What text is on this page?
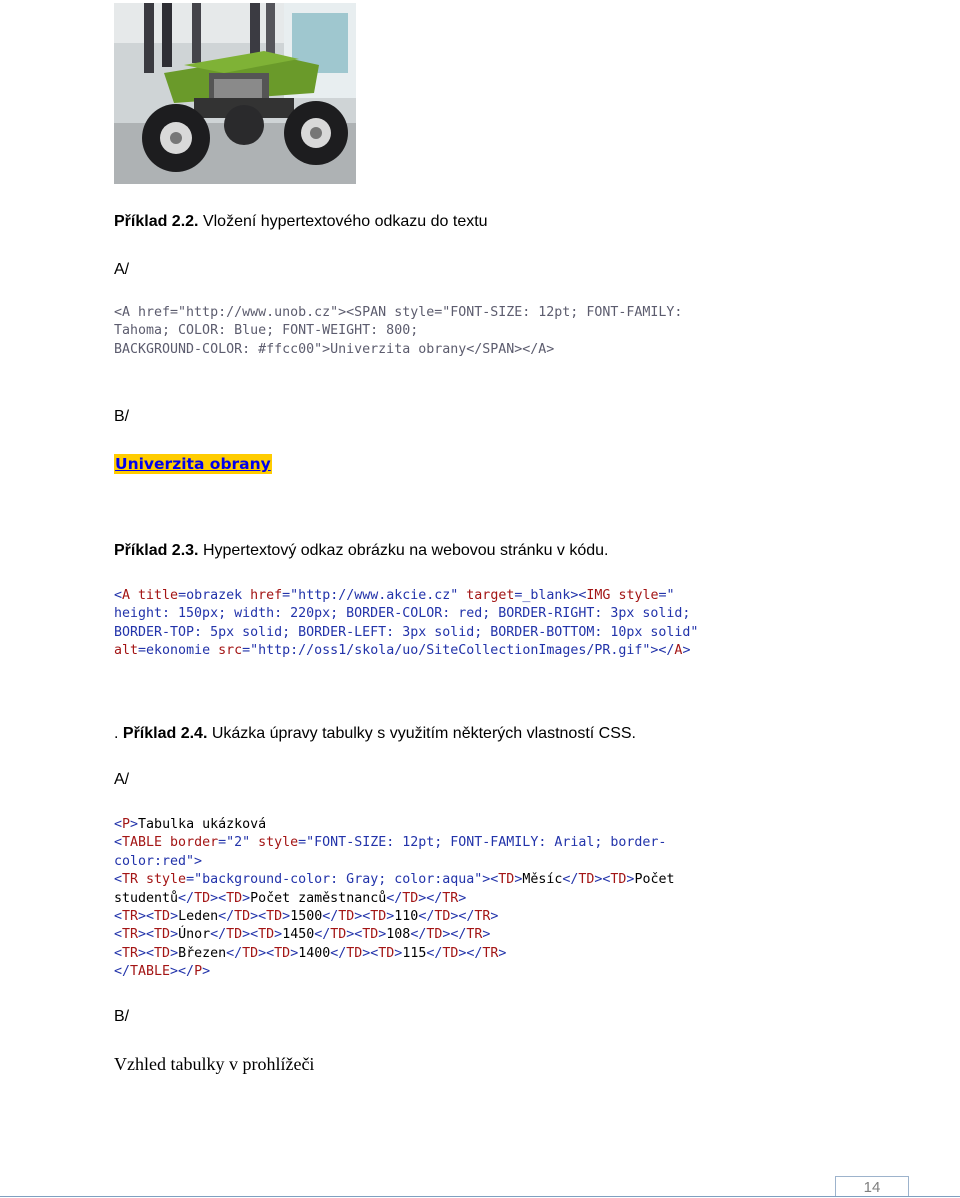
Příklad 2.2. Vložení hypertextového odkazu do textu
A/
<A href="http://www.unob.cz"><SPAN style="FONT-SIZE: 12pt; FONT-FAMILY:
Tahoma; COLOR: Blue; FONT-WEIGHT: 800;
BACKGROUND-COLOR: #ffcc00">Univerzita obrany</SPAN></A>
B/
Univerzita obrany
Příklad 2.3. Hypertextový odkaz obrázku na webovou stránku v kódu.
<A title=obrazek href="http://www.akcie.cz" target=_blank><IMG style="
height: 150px; width: 220px; BORDER-COLOR: red; BORDER-RIGHT: 3px solid;
BORDER-TOP: 5px solid; BORDER-LEFT: 3px solid; BORDER-BOTTOM: 10px solid"
alt=ekonomie src="http://oss1/skola/uo/SiteCollectionImages/PR.gif"></A>
. Příklad 2.4. Ukázka úpravy tabulky s využitím některých vlastností CSS.
A/
<P>Tabulka ukázková
<TABLE border="2" style="FONT-SIZE: 12pt; FONT-FAMILY: Arial; border-
color:red">
<TR style="background-color: Gray; color:aqua"><TD>Měsíc</TD><TD>Počet
studentů</TD><TD>Počet zaměstnanců</TD></TR>
<TR><TD>Leden</TD><TD>1500</TD><TD>110</TD></TR>
<TR><TD>Únor</TD><TD>1450</TD><TD>108</TD></TR>
<TR><TD>Březen</TD><TD>1400</TD><TD>115</TD></TR>
</TABLE></P>
B/
Vzhled tabulky v prohlížeči
14
